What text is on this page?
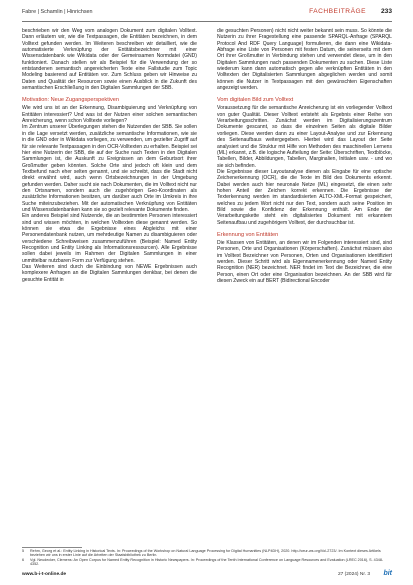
Fabre | Schamlin | Hinrichsen	FACHBEITRÄGE 233

beschrieben wir den Weg vom analogen Dokument zum digitalen Volltext. Dann erläutern wir, wie die Textpassagen, die Entitäten bezeichnen, in dem Volltext gefunden werden. Im Weiteren beschreiben wir detailliert, wie die automatisierte Verknüpfung der Entitätsbezeichner mit einer Wissensdatenbank wie Wikidata oder der Gemeinsamen Normdatei (GND) funktioniert. Danach stellen wir als Beispiel für die Verwendung der so entstandenen semantisch angereicherten Texte eine Fallstudie zum Topic Modeling basierend auf Entitäten vor. Zum Schluss geben wir Hinweise zu Daten und Qualität der Resourcen sowie einen Ausblick in die Zukunft des semantischen Erschließung in den Digitalen Sammlungen der SBB.

Motivation: Neue Zugangsperspektiven

Wie wird uns ist an der Erkennung, Disambiguierung und Verknüpfung von Entitäten interessiert? Und was ist der Nutzen einer solchen semantischen Anreicherung, wenn schon Volltexte vorliegen?

Im Zentrum unserer Überlegungen stehen die Nutzenden der SBB. Sie sollen in die Lage versetzt werden, zusätzliche semantische Informationen, wie sie in die GND oder in Wikidata vorliegen, zu verwenden, um gezielter Zugriff auf für sie relevante Textpassagen in den OCR-Volltexten zu erhalten. Beispiel sei hier eine Nutzerin der SBB, die auf der Suche nach Texten in den Digitalen Sammlungen ist, die Auskunft zu Ereignissen an dem Geburtsort ihrer Großmutter geben könnten. Solche Orte sind jedoch oft klein und dem Textbefund nach eher selten genannt, und sie schreibt, dass die Stadt nicht direkt erwähnt wird, auch wenn Ortsbezeichnungen in der Umgebung gefunden werden. Daher sucht sie nach Dokumenten, die im Volltext nicht nur den Ortsnamen, sondern auch die zugehörigen Geo-Koordinaten als zusätzliche Informationen besitzen, um darüber auch Orte im Umkreis in ihre Suche miteinzubeziehen. Mit der automatischen Verknüpfung von Entitäten und Wissensdatenbanken kann sie so gezielt relevante Dokumente finden.

Ein anderes Beispiel sind Nutzende, die an bestimmten Personen interessiert sind und wissen möchten, in welchen Volltexten diese genannt werden. So können sie etwa die Ergebnisse eines Abgleichs mit einer Personendatenbank nutzen, um mehrdeutige Namen zu disambiguieren oder verschiedene Schreibweisen zusammenzuführen (Beispiel: Named Entity Recognition und Entity Linking als Informationsressourcen). Alle Ergebnisse sollen dabei jeweils im Rahmen der Digitalen Sammlungen in einer unmittelbar nutzbaren Form zur Verfügung stehen.

Das Weiteren sind durch die Einbindung von NEWE Ergebnissen auch komplexere Anfragen an die Digitalen Sammlungen denkbar, bei denen die gesuchte Entität in

die gesuchten Personen) nicht nicht weiter bekannt sein muss. So könnte die Nutzerin zu ihrer Fragestellung eine passende SPARQL-Anfrage (SPARQL Protocol And RDF Query Language) formulieren, die dann eine Wikidata-Abfrage eine Liste von Personen mit festen Datum, die seinerseits mit dem Ort ihrer Großmutter in Verbindung stehen und verwendet diese, um in den Digitalen Sammlungen nach passenden Dokumenten zu suchen. Diese Liste wiederum kann dann automatisch gegen alle verknüpften Entitäten in den Volltexten der Digitalisierten Sammlungen abgeglichen werden und somit können die Nutzer in Textpassagen mit den gewünschten Eigenschaften angezeigt werden.

Vom digitalen Bild zum Volltext

Voraussetzung für die semantische Anreicherung ist ein vorliegender Volltext von guter Qualität. Dieser Volltext entsteht als Ergebnis einer Reihe von Verarbeitungsschritten. Zunächst werden im Digitalisierungszentrum Dokumente gescannt, so dass die einzelnen Seiten als digitale Bilder vorliegen. Diese werden dann zu einer Layout-Analyse und zur Erkennung des Seitenaufbaus weitergegeben. Hierbei wird das Layout der Seite analysiert und die Struktur mit Hilfe von Methoden des maschinellen Lernens (ML) erkannt, z.B. die logische Aufteilung der Seite: Überschriften, Textblöcke, Tabellen, Bilder, Abbildungen, Tabellen, Marginalien, Initialen usw. - und wo sie sich befinden.

Die Ergebnisse dieser Layoutanalyse dienen als Eingabe für eine optische Zeichenerkennung (OCR), die die Texte im Bild des Dokuments erkennt. Dabei werden auch hier neuronale Netze (ML) eingesetzt, die einen sehr hohen Anteil der Zeichen korrekt erkennen. Die Ergebnisse der Texterkennung werden im standardisierten ALTO-XML-Format gespeichert, welches zu jedem Wort nicht nur den Text, sondern auch seine Position im Bild sowie die Konfidenz der Erkennung enthält. Am Ende der Verarbeitungskette steht ein digitalisiertes Dokument mit erkanntem Seitenaufbau und zugehörigem Volltext, der durchsuchbar ist.

Erkennung von Entitäten

Die Klassen von Entitäten, an denen wir im Folgenden interessiert sind, sind Personen, Orte und Organisationen (Körperschaften). Zunächst müssen also im Volltext Bezeichner von Personen, Orten und Organisationen identifiziert werden. Dieser Schritt wird als Eigennamenerkennung oder Named Entity Recognition (NER) bezeichnet. NER findet im Text die Bezeichner, die eine Person, einen Ort oder eine Organisation bezeichnen. An der SBB wird für diesen Zweck ein auf BERT (Bidirectional Encoder

5	Rehm, Georg et al.: Entity Linking in Historical Texts. In: Proceedings of the Workshop on Natural Language Processing for Digital Humanities (NLP4DH), 2020. http://ceur-ws.org/Vol-2723/. Im Kontext dieses Artikels beziehen wir uns in erster Linie auf die Arbeiten der Staatsbibliothek zu Berlin.
6	Vgl. Neudecker, Clemens: An Open Corpus for Named Entity Recognition in Historic Newspapers. In: Proceedings of the Tenth International Conference on Language Resources and Evaluation (LREC 2016), S. 4348-4352.
www.b-i-t-online.de	27 (2024) Nr. 3 bit
